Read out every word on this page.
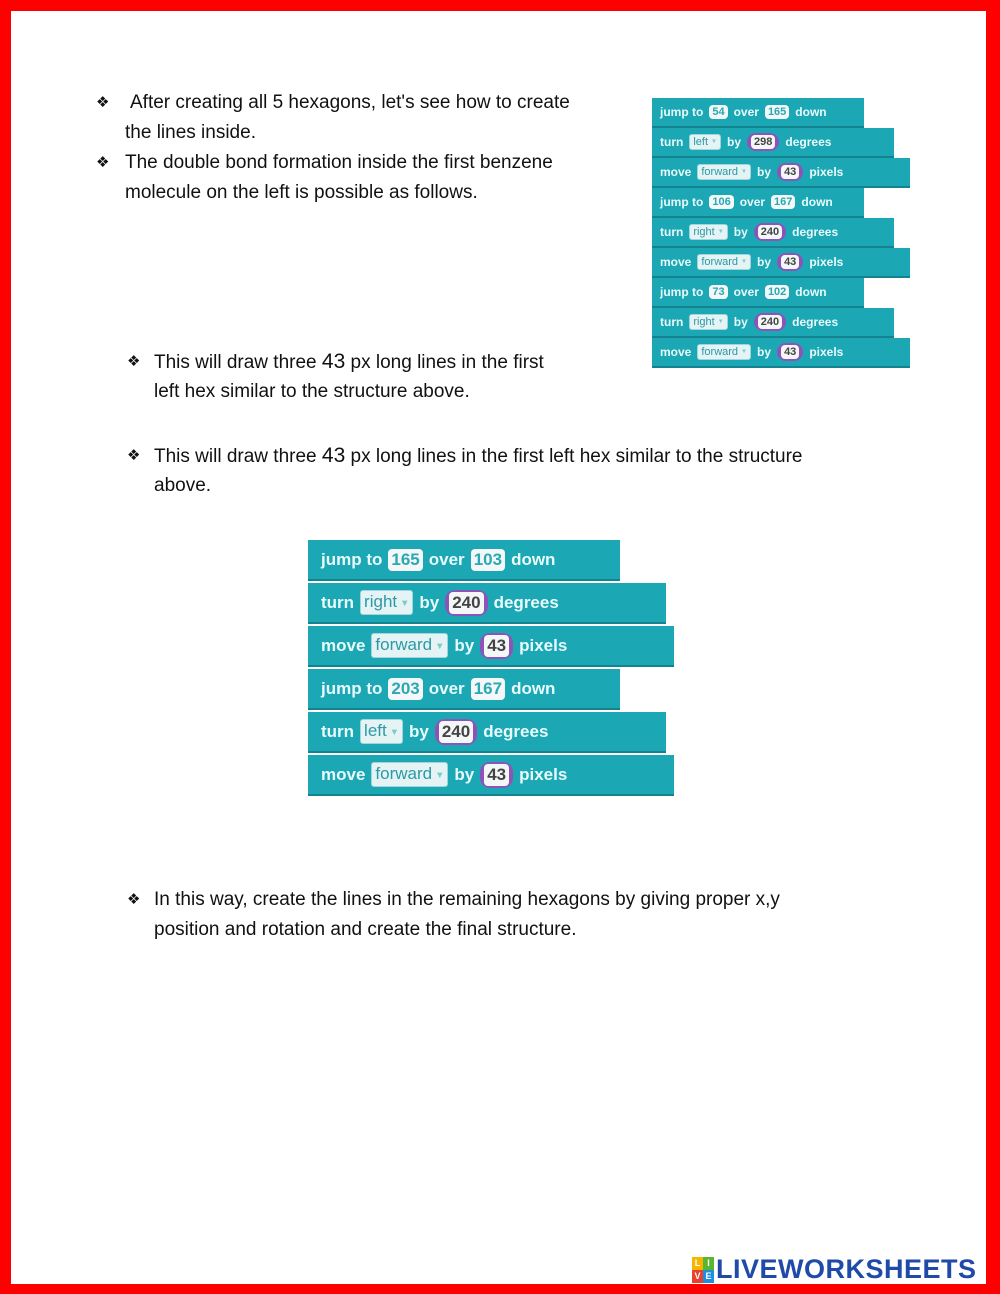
❖ After creating all 5 hexagons, let's see how to create
the lines inside.
❖ The double bond formation inside the first benzene
molecule on the left is possible as follows.
jump to 54 over 165 down
turn left ▼ by 298 degrees
move forward ▼ by 43 pixels
jump to 106 over 167 down
turn right ▼ by 240 degrees
move forward ▼ by 43 pixels
jump to 73 over 102 down
turn right ▼ by 240 degrees
move forward ▼ by 43 pixels
❖ This will draw three 43 px long lines in the first
left hex similar to the structure above.
❖ This will draw three 43 px long lines in the first left hex similar to the structure
above.
jump to 165 over 103 down
turn right ▼ by 240 degrees
move forward ▼ by 43 pixels
jump to 203 over 167 down
turn left ▼ by 240 degrees
move forward ▼ by 43 pixels
❖ In this way, create the lines in the remaining hexagons by giving proper x,y
position and rotation and create the final structure.
L I
V E LIVEWORKSHEETS
